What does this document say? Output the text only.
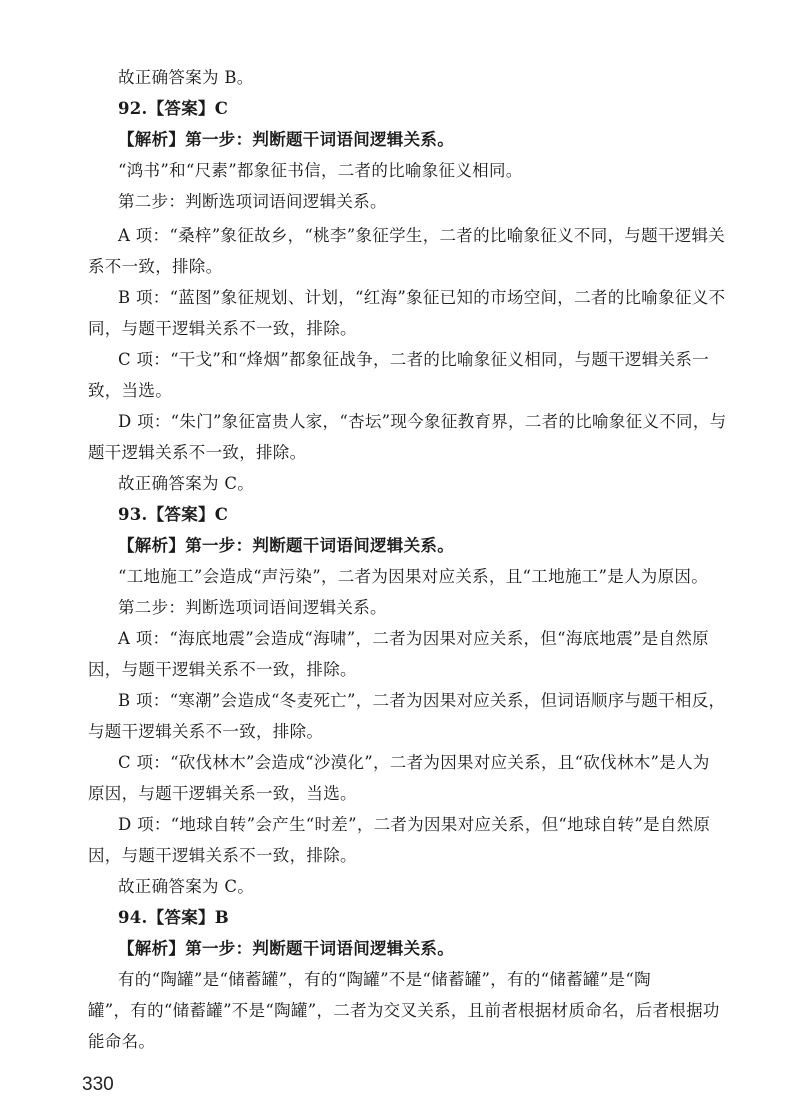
故正确答案为 B。
92.【答案】C
【解析】第一步：判断题干词语间逻辑关系。
“鸿书”和“尺素”都象征书信，二者的比喻象征义相同。
第二步：判断选项词语间逻辑关系。
A 项：“桑梓”象征故乡，“桃李”象征学生，二者的比喻象征义不同，与题干逻辑关
系不一致，排除。
B 项：“蓝图”象征规划、计划，“红海”象征已知的市场空间，二者的比喻象征义不
同，与题干逻辑关系不一致，排除。
C 项：“干戈”和“烽烟”都象征战争，二者的比喻象征义相同，与题干逻辑关系一
致，当选。
D 项：“朱门”象征富贵人家，“杏坛”现今象征教育界，二者的比喻象征义不同，与
题干逻辑关系不一致，排除。
故正确答案为 C。
93.【答案】C
【解析】第一步：判断题干词语间逻辑关系。
“工地施工”会造成“声污染”，二者为因果对应关系，且“工地施工”是人为原因。
第二步：判断选项词语间逻辑关系。
A 项：“海底地震”会造成“海啸”，二者为因果对应关系，但“海底地震”是自然原
因，与题干逻辑关系不一致，排除。
B 项：“寒潮”会造成“冬麦死亡”，二者为因果对应关系，但词语顺序与题干相反，
与题干逻辑关系不一致，排除。
C 项：“砍伐林木”会造成“沙漠化”，二者为因果对应关系，且“砍伐林木”是人为
原因，与题干逻辑关系一致，当选。
D 项：“地球自转”会产生“时差”，二者为因果对应关系，但“地球自转”是自然原
因，与题干逻辑关系不一致，排除。
故正确答案为 C。
94.【答案】B
【解析】第一步：判断题干词语间逻辑关系。
有的“陶罐”是“储蓄罐”，有的“陶罐”不是“储蓄罐”，有的“储蓄罐”是“陶
罐”，有的“储蓄罐”不是“陶罐”，二者为交叉关系，且前者根据材质命名，后者根据功
能命名。
330
